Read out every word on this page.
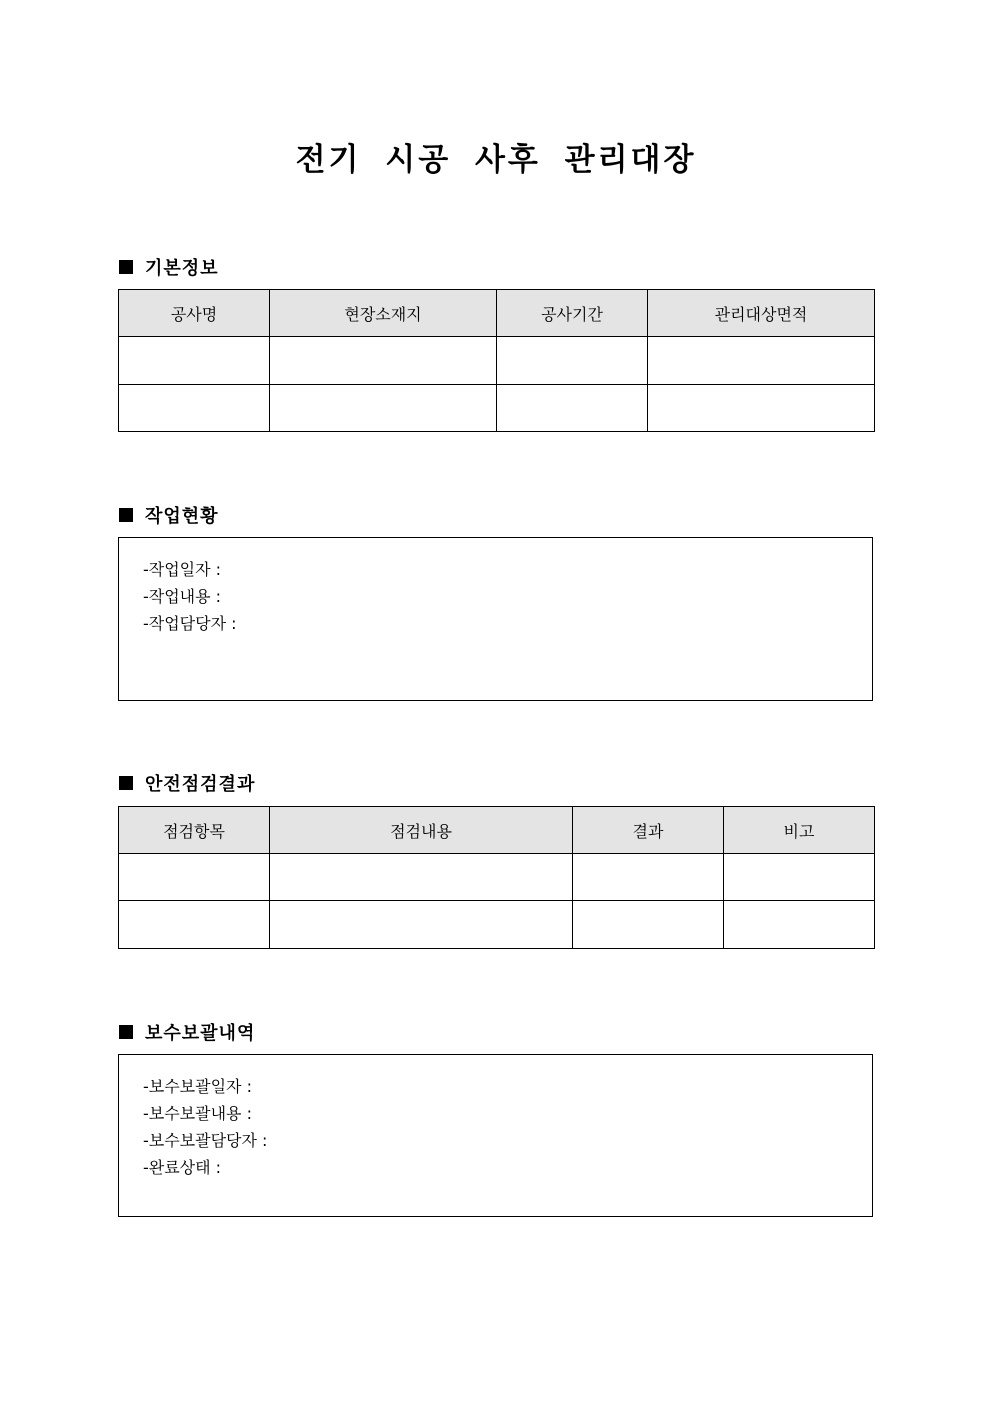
전기 시공 사후 관리대장
기본정보
공사명	현장소재지	공사기간	관리대상면적

작업현황
-작업일자 :
-작업내용 :
-작업담당자 :
안전점검결과
점검항목	점검내용	결과	비고

보수보괄내역
-보수보괄일자 :
-보수보괄내용 :
-보수보괄담당자 :
-완료상태 :
